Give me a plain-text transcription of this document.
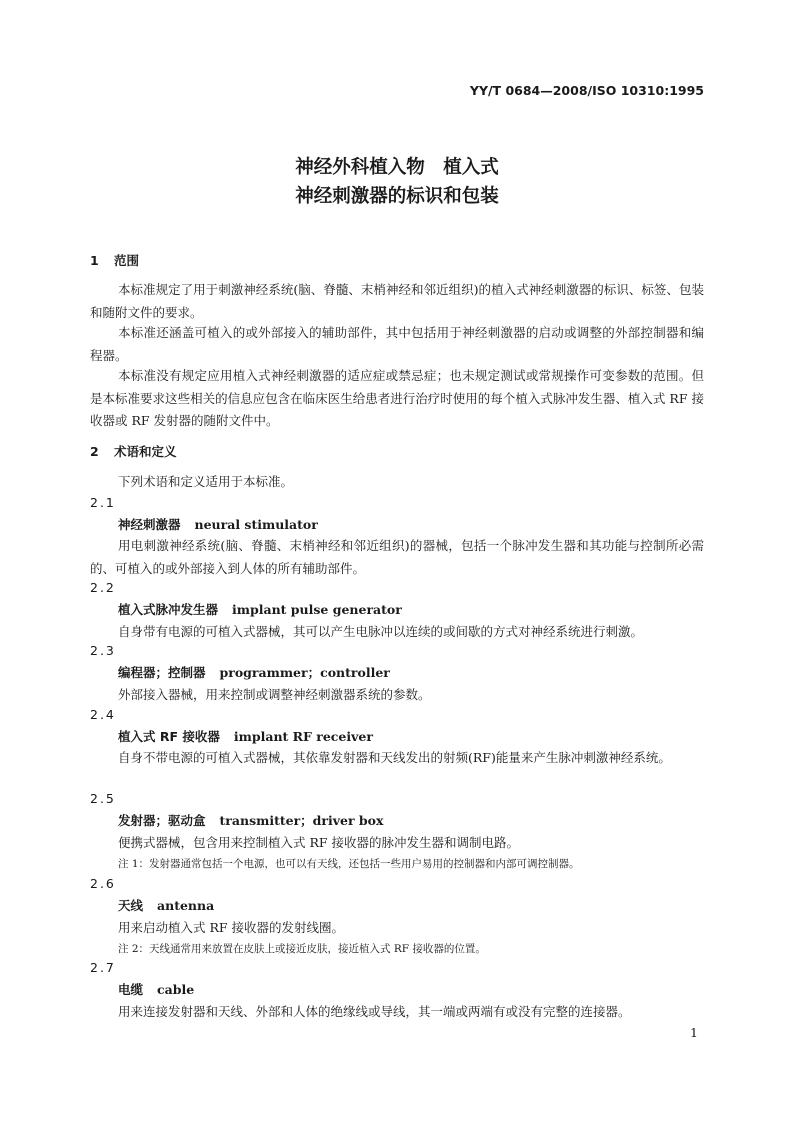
YY/T 0684—2008/ISO 10310:1995
神经外科植入物　植入式
神经刺激器的标识和包装
1 范围
本标准规定了用于刺激神经系统(脑、脊髓、末梢神经和邻近组织)的植入式神经刺激器的标识、标签、包装和随附文件的要求。
本标准还涵盖可植入的或外部接入的辅助部件，其中包括用于神经刺激器的启动或调整的外部控制器和编程器。
本标准没有规定应用植入式神经刺激器的适应症或禁忌症；也未规定测试或常规操作可变参数的范围。但是本标准要求这些相关的信息应包含在临床医生给患者进行治疗时使用的每个植入式脉冲发生器、植入式 RF 接收器或 RF 发射器的随附文件中。
2 术语和定义
下列术语和定义适用于本标准。
2.1
神经刺激器 neural stimulator
用电刺激神经系统(脑、脊髓、末梢神经和邻近组织)的器械，包括一个脉冲发生器和其功能与控制所必需的、可植入的或外部接入到人体的所有辅助部件。
2.2
植入式脉冲发生器 implant pulse generator
自身带有电源的可植入式器械，其可以产生电脉冲以连续的或间歇的方式对神经系统进行刺激。
2.3
编程器；控制器 programmer；controller
外部接入器械，用来控制或调整神经刺激器系统的参数。
2.4
植入式 RF 接收器 implant RF receiver
自身不带电源的可植入式器械，其依靠发射器和天线发出的射频(RF)能量来产生脉冲刺激神经系统。
2.5
发射器；驱动盒 transmitter；driver box
便携式器械，包含用来控制植入式 RF 接收器的脉冲发生器和调制电路。
注 1：发射器通常包括一个电源，也可以有天线，还包括一些用户易用的控制器和内部可调控制器。
2.6
天线 antenna
用来启动植入式 RF 接收器的发射线圈。
注 2：天线通常用来放置在皮肤上或接近皮肤，接近植入式 RF 接收器的位置。
2.7
电缆 cable
用来连接发射器和天线、外部和人体的绝缘线或导线，其一端或两端有或没有完整的连接器。
1
